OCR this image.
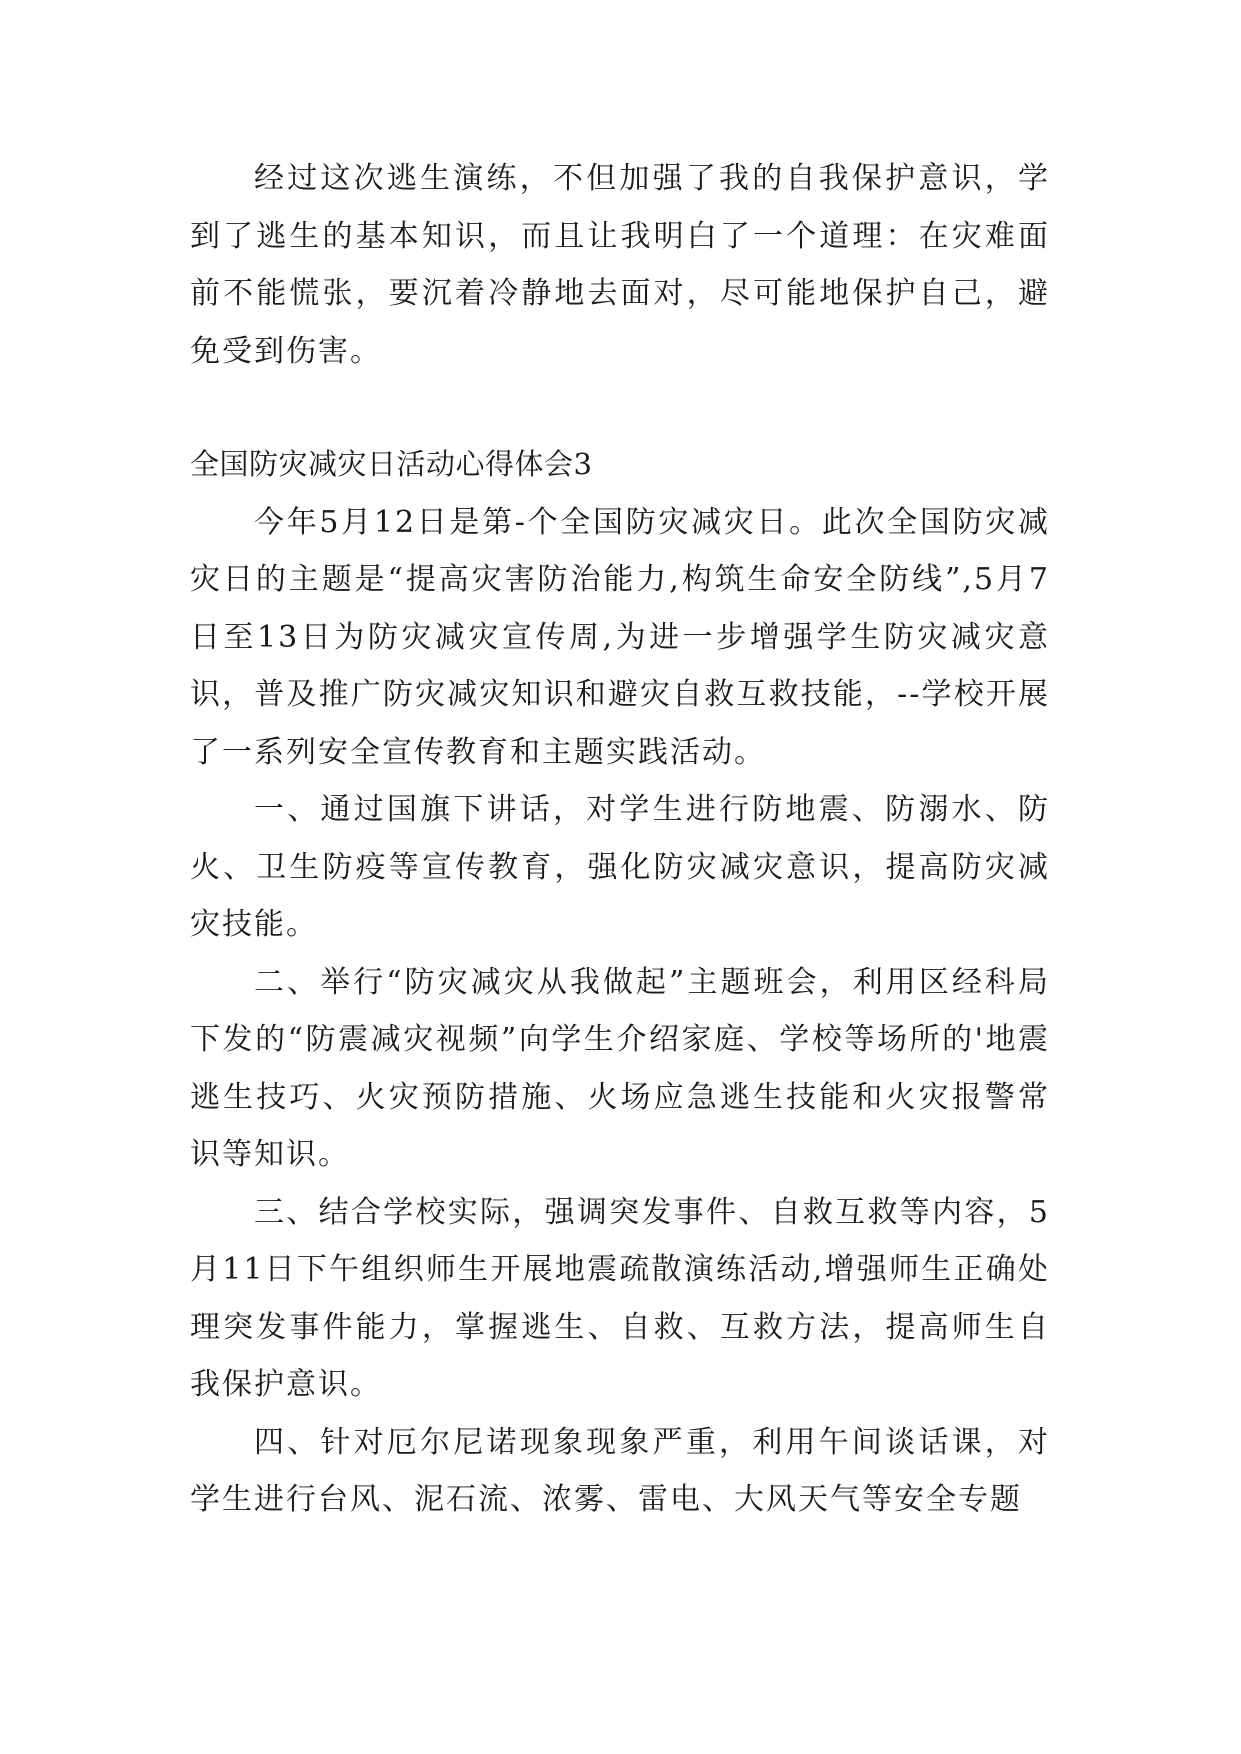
经过这次逃生演练，不但加强了我的自我保护意识，学到了逃生的基本知识，而且让我明白了一个道理：在灾难面前不能慌张，要沉着冷静地去面对，尽可能地保护自己，避免受到伤害。

全国防灾减灾日活动心得体会3

今年5月12日是第-个全国防灾减灾日。此次全国防灾减灾日的主题是“提高灾害防治能力,构筑生命安全防线”,5月7日至13日为防灾减灾宣传周,为进一步增强学生防灾减灾意识，普及推广防灾减灾知识和避灾自救互救技能，--学校开展了一系列安全宣传教育和主题实践活动。

一、通过国旗下讲话，对学生进行防地震、防溺水、防火、卫生防疫等宣传教育，强化防灾减灾意识，提高防灾减灾技能。

二、举行“防灾减灾从我做起”主题班会，利用区经科局下发的“防震减灾视频”向学生介绍家庭、学校等场所的'地震逃生技巧、火灾预防措施、火场应急逃生技能和火灾报警常识等知识。

三、结合学校实际，强调突发事件、自救互救等内容，5月11日下午组织师生开展地震疏散演练活动,增强师生正确处理突发事件能力，掌握逃生、自救、互救方法，提高师生自我保护意识。

四、针对厄尔尼诺现象现象严重，利用午间谈话课，对学生进行台风、泥石流、浓雾、雷电、大风天气等安全专题
